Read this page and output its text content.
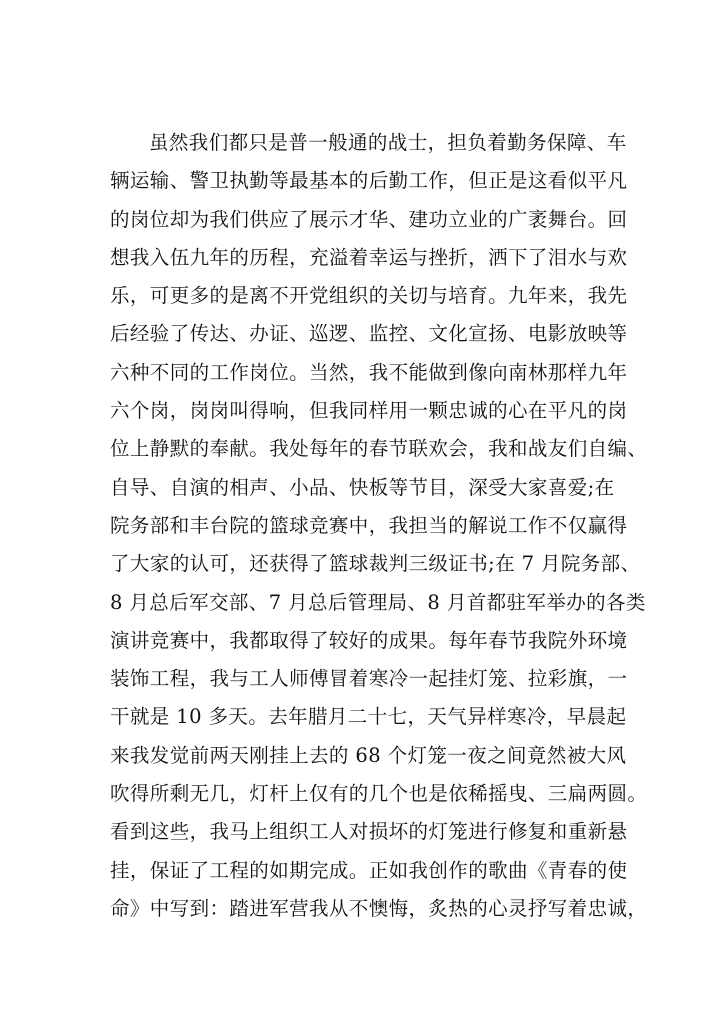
虽然我们都只是普一般通的战士，担负着勤务保障、车
辆运输、警卫执勤等最基本的后勤工作，但正是这看似平凡
的岗位却为我们供应了展示才华、建功立业的广袤舞台。回
想我入伍九年的历程，充溢着幸运与挫折，洒下了泪水与欢
乐，可更多的是离不开党组织的关切与培育。九年来，我先
后经验了传达、办证、巡逻、监控、文化宣扬、电影放映等
六种不同的工作岗位。当然，我不能做到像向南林那样九年
六个岗，岗岗叫得响，但我同样用一颗忠诚的心在平凡的岗
位上静默的奉献。我处每年的春节联欢会，我和战友们自编、
自导、自演的相声、小品、快板等节目，深受大家喜爱;在
院务部和丰台院的篮球竞赛中，我担当的解说工作不仅赢得
了大家的认可，还获得了篮球裁判三级证书;在 7 月院务部、
8 月总后军交部、7 月总后管理局、8 月首都驻军举办的各类
演讲竞赛中，我都取得了较好的成果。每年春节我院外环境
装饰工程，我与工人师傅冒着寒冷一起挂灯笼、拉彩旗，一
干就是 10 多天。去年腊月二十七，天气异样寒冷，早晨起
来我发觉前两天刚挂上去的 68 个灯笼一夜之间竟然被大风
吹得所剩无几，灯杆上仅有的几个也是依稀摇曳、三扁两圆。
看到这些，我马上组织工人对损坏的灯笼进行修复和重新悬
挂，保证了工程的如期完成。正如我创作的歌曲《青春的使
命》中写到：踏进军营我从不懊悔，炙热的心灵抒写着忠诚，
